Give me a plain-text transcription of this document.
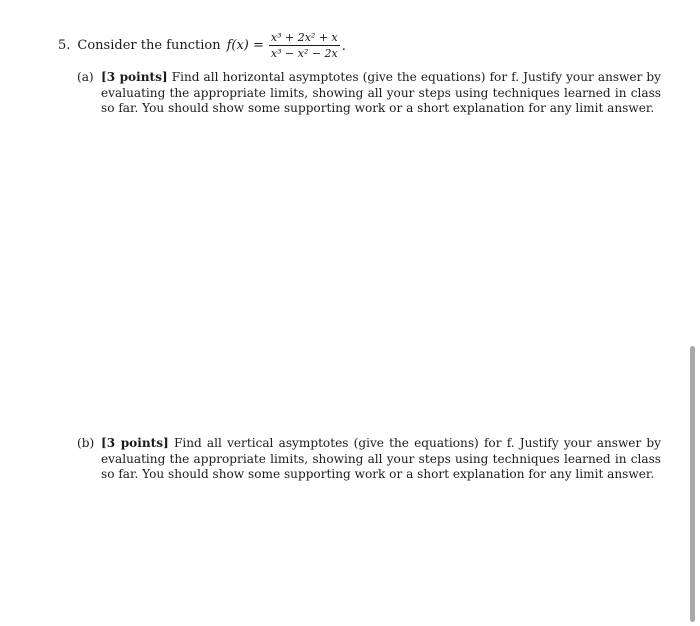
5. Consider the function $f(x) = \frac{\text{x³ + 2x² + x}}{\text{x³ − x² − 2x}}$ .
(a) [3 points] Find all horizontal asymptotes (give the equations) for f. Justify your answer by evaluating the appropriate limits, showing all your steps using techniques learned in class so far. You should show some supporting work or a short explanation for any limit answer.
(b) [3 points] Find all vertical asymptotes (give the equations) for f. Justify your answer by evaluating the appropriate limits, showing all your steps using techniques learned in class so far. You should show some supporting work or a short explanation for any limit answer.
